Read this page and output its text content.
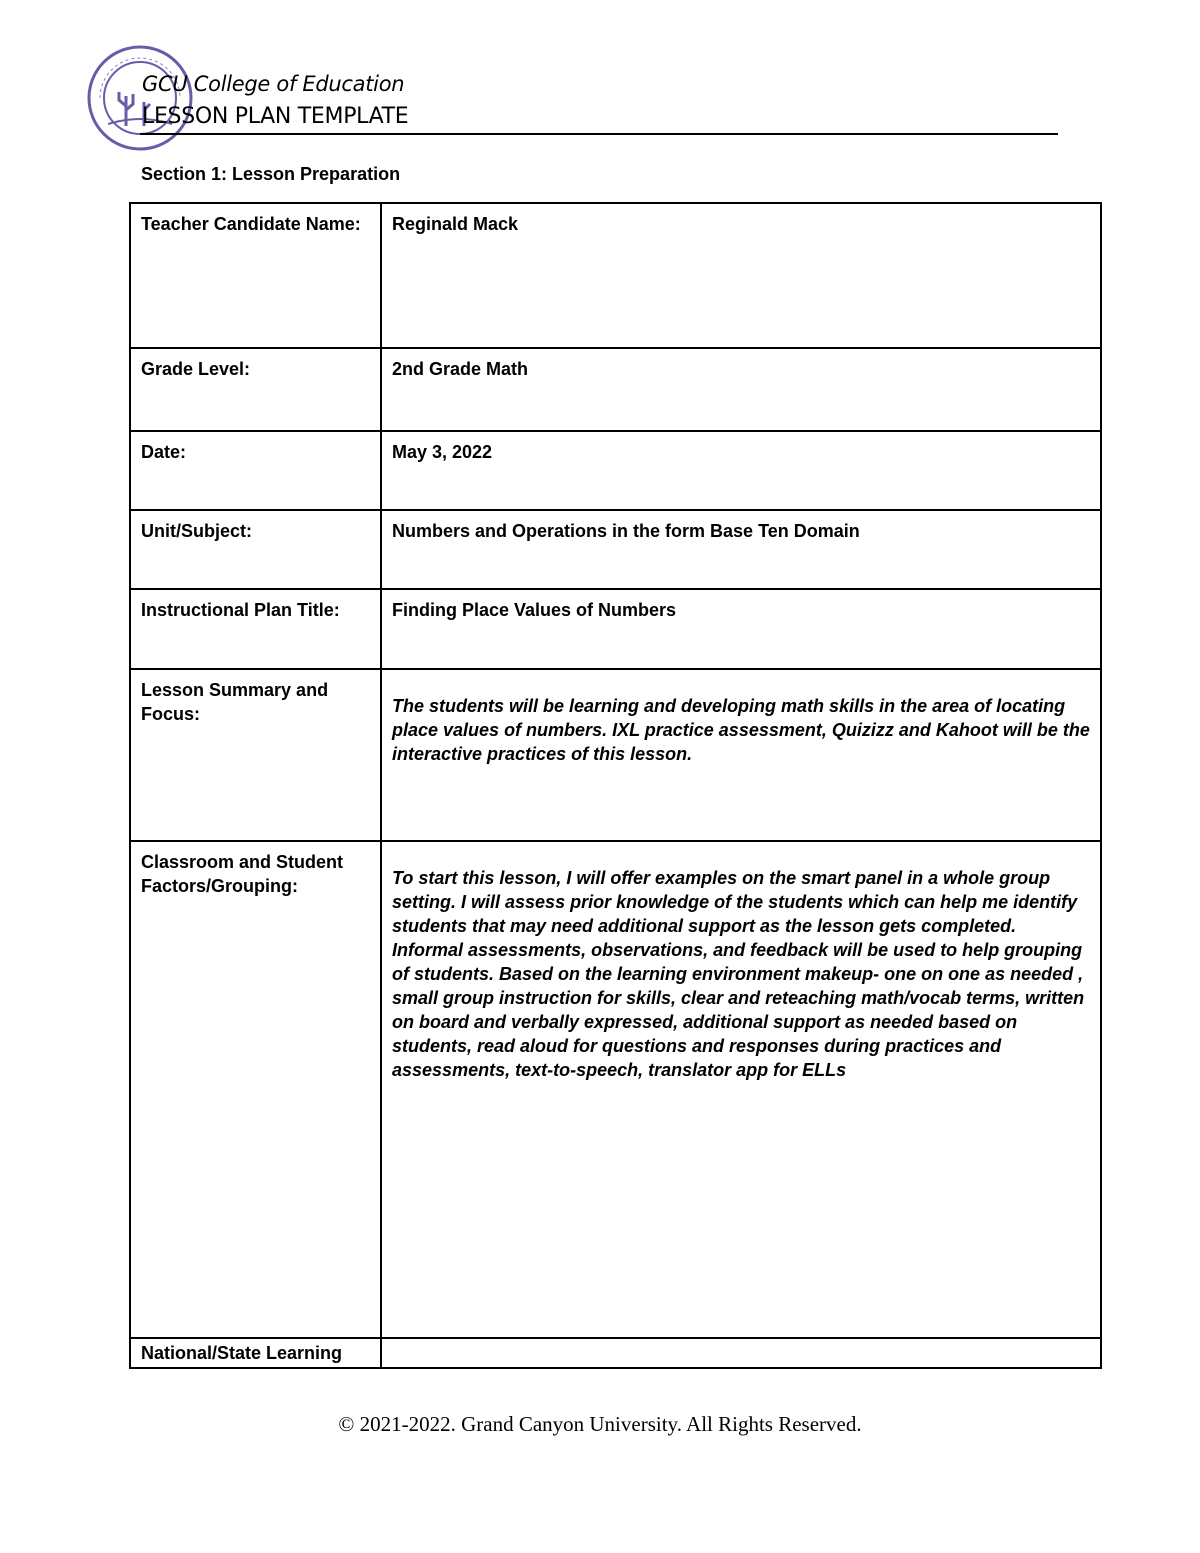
GCU College of Education
LESSON PLAN TEMPLATE
Section 1: Lesson Preparation
Teacher Candidate Name:	Reginald Mack
Grade Level:	2nd Grade Math
Date:	May 3, 2022
Unit/Subject:	Numbers and Operations in the form Base Ten Domain
Instructional Plan Title:	Finding Place Values of Numbers
Lesson Summary and Focus:	The students will be learning and developing math skills in the area of locating place values of numbers. IXL practice assessment, Quizizz and Kahoot will be the interactive practices of this lesson.

Classroom and Student Factors/Grouping:	To start this lesson, I will offer examples on the smart panel in a whole group setting. I will assess prior knowledge of the students which can help me identify students that may need additional support as the lesson gets completed. Informal assessments, observations, and feedback will be used to help grouping of students. Based on the learning environment makeup- one on one as needed , small group instruction for skills, clear and reteaching math/vocab terms, written on board and verbally expressed, additional support as needed based on students, read aloud for questions and responses during practices and assessments, text-to-speech, translator app for ELLs

National/State Learning	
© 2021-2022. Grand Canyon University. All Rights Reserved.
